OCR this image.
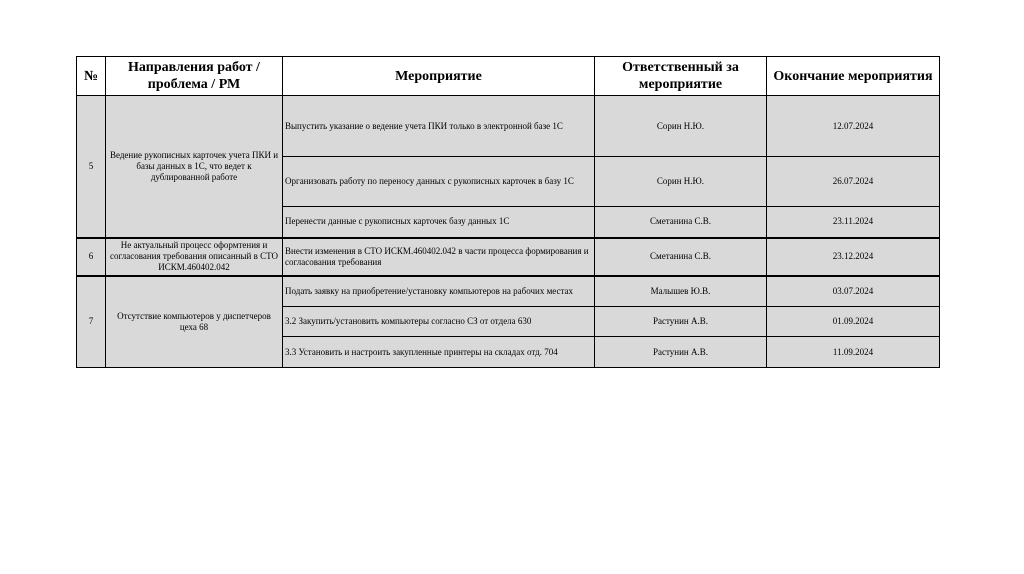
№	Направления работ / проблема / РМ	Мероприятие	Ответственный за мероприятие	Окончание мероприятия
5	Ведение рукописных карточек учета ПКИ и базы данных в 1С, что ведет к дублированной работе	Выпустить указание о ведение учета ПКИ только в электронной базе 1С	Сорин Н.Ю.	12.07.2024
		Организовать работу по переносу данных с рукописных карточек в базу 1С	Сорин Н.Ю.	26.07.2024
		Перенести данные с рукописных карточек базу данных 1С	Сметанина С.В.	23.11.2024
6	Не актуальный процесс оформтения и согласования требования описанный в СТО ИСКМ.460402.042	Внести изменения в СТО ИСКМ.460402.042 в части процесса формирования и согласования требования	Сметанина С.В.	23.12.2024
7	Отсутствие компьютеров у диспетчеров цеха 68	Подать заявку на приобретение/установку компьютеров на рабочих местах	Малышев Ю.В.	03.07.2024
		3.2 Закупить/установить компьютеры согласно СЗ от отдела 630	Растунин А.В.	01.09.2024
		3.3 Установить и настроить закупленные принтеры на складах отд. 704	Растунин А.В.	11.09.2024
